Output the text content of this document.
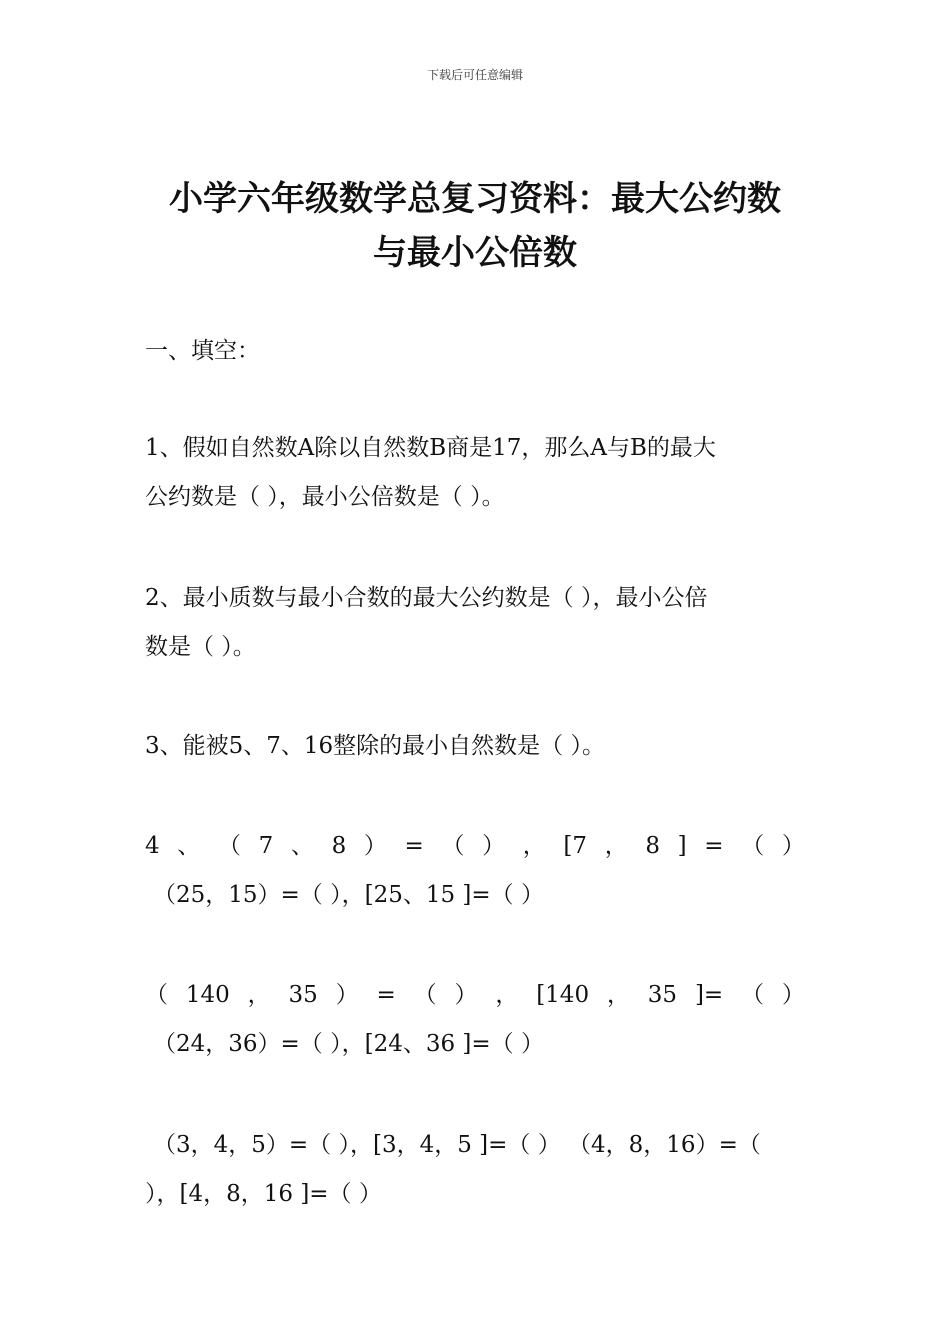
下载后可任意编辑
小学六年级数学总复习资料：最大公约数
与最小公倍数
一、填空：
1、假如自然数A除以自然数B商是17，那么A与B的最大
公约数是（ ），最小公倍数是（ ）。
2、最小质数与最小合数的最大公约数是（ ），最小公倍
数是（ ）。
3、能被5、7、16整除的最小自然数是（ ）。
4 、 （ 7 、 8 ） = （ ） ， [7 ， 8 ] = （ ）
（25，15）=（ ），[25、15 ]=（ ）
（ 140 ， 35 ） = （ ） ， [140 ， 35 ]= （ ）
（24，36）=（ ），[24、36 ]=（ ）
（3，4，5）=（ ），[3，4，5 ]=（ ） （4，8，16）=（
），[4，8，16 ]=（ ）
